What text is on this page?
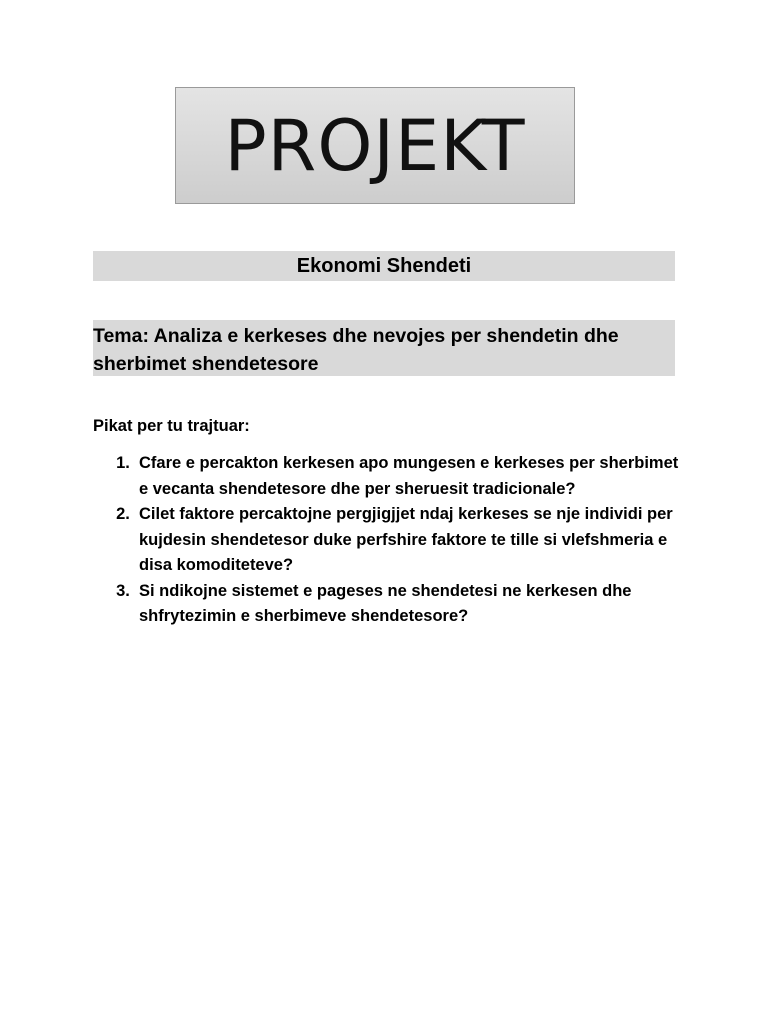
PROJEKT
Ekonomi Shendeti

Tema: Analiza e kerkeses dhe nevojes per shendetin dhe sherbimet shendetesore

Pikat per tu trajtuar:

1. Cfare e percakton kerkesen apo mungesen e kerkeses per sherbimet e vecanta shendetesore dhe per sheruesit tradicionale?
2. Cilet faktore percaktojne pergjigjjet ndaj kerkeses se nje individi per kujdesin shendetesor duke perfshire faktore te tille si vlefshmeria e disa komoditeteve?
3. Si ndikojne sistemet e pageses ne shendetesi ne kerkesen dhe shfrytezimin e sherbimeve shendetesore?
